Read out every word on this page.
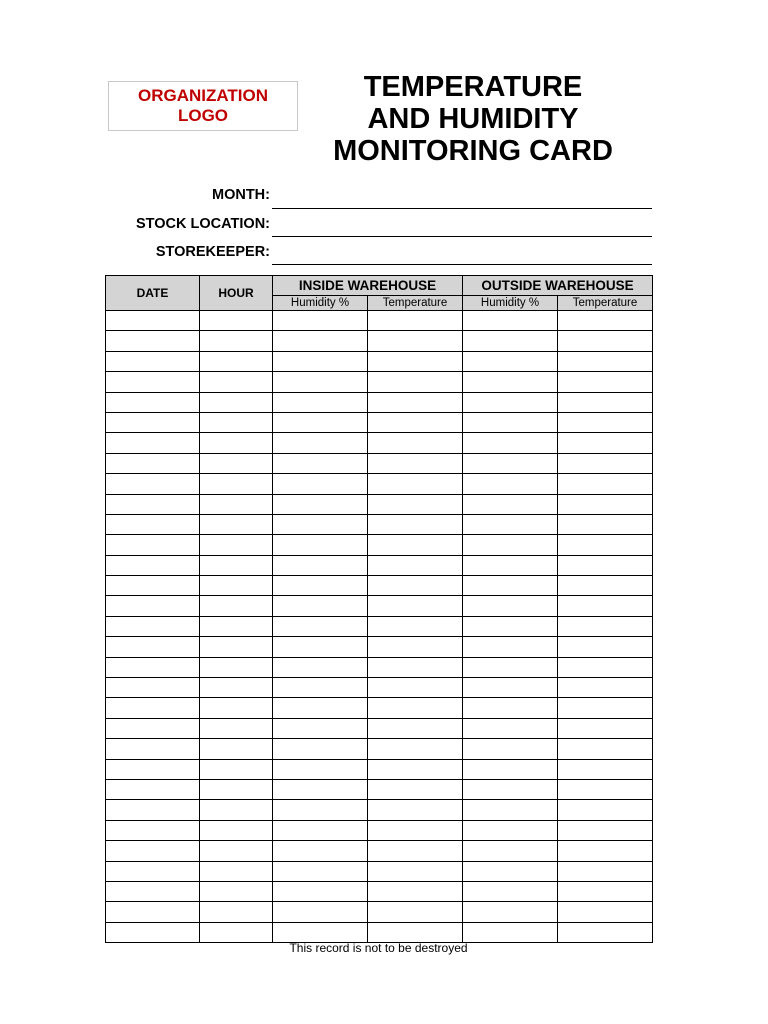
ORGANIZATION
LOGO
TEMPERATURE
AND HUMIDITY
MONITORING CARD
MONTH:
STOCK LOCATION:
STOREKEEPER:
DATE	HOUR	INSIDE WAREHOUSE		OUTSIDE WAREHOUSE	
		Humidity %	Temperature	Humidity %	Temperature

This record is not to be destroyed
